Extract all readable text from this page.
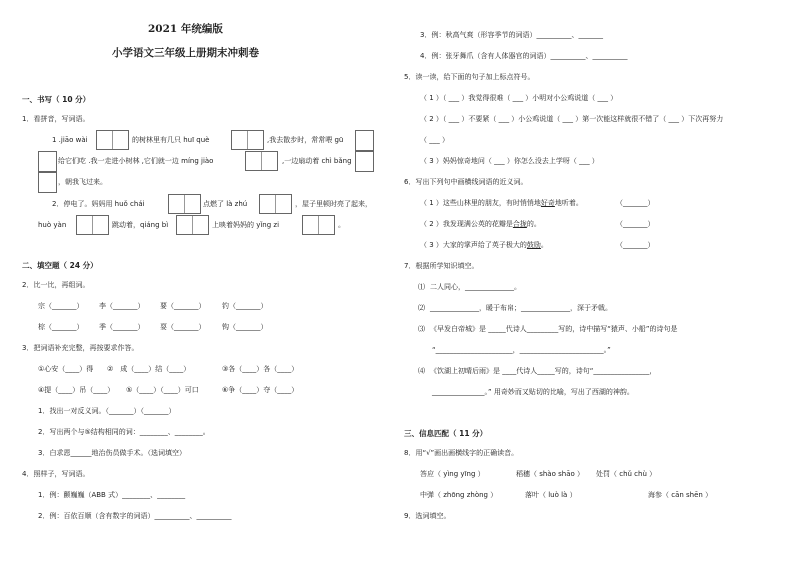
2021 年统编版
小学语文三年级上册期末冲刺卷
一、书写（ 10 分）
1．看拼音，写词语。
1 .jiāo wài	的树林里有几只 huī què	,我去散步时，常常喂 gū
给它们吃 .我一走进小树林 ,它们就一边 míng jiào	,一边扇动着 chì bǎng
，朝我飞过来。
2．停电了。妈妈用 huǒ chái	点燃了 là zhú	，屋子里顿时亮了起来，
huò yàn	跳动着，qiáng bì	上映着妈妈的 yǐng zi	。
二、填空题（ 24 分）
2．比一比，再组词。
宗（_______） 李（_______） 要（_______） 钓（_______）
棕（_______） 季（_______） 耍（_______） 钩（_______）
3．把词语补充完整，再按要求作答。
①心安（____）得 ②　成（____）结（____）	③各（____）各（____）
④提（____）吊（____） ⑤（____）（____）可口	⑥争（____）夺（____）
1．找出一对反义词。（_______）（_______）
2．写出两个与⑤结构相同的词：________、________。
3．白求恩______地治伤员做手术。（选词填空）
4．照样子，写词语。
1．例：颤巍巍（ABB 式）________、________
2．例：百依百顺（含有数字的词语）__________、__________
3．例：秋高气爽（形容季节的词语）__________、_______
4．例：张牙舞爪（含有人体器官的词语）__________、__________
5．读一读，给下面的句子加上标点符号。
（ 1 ）（ ___ ）我觉得很难（ ___ ）小明对小公鸡说道（ ___ ）
（ 2 ）（ ___ ）不要紧（ ___ ）小公鸡说道（ ___ ）第一次能这样就很不错了（ ___ ）下次再努力
（ ___ ）
（ 3 ）妈妈惊奇地问（ ___ ）你怎么没去上学呀（ ___ ）
6．写出下列句中画横线词语的近义词。
（ 1 ）这些山林里的朋友，有时悄悄地好奇地听着。	（_______）
（ 2 ）我发现满公英的花瓣是合拢的。	（_______）
（ 3 ）大家的掌声给了英子极大的鼓励。	（_______）
7．根据所学知识填空。
⑴ 二人同心，______________。
⑵ ______________，暖于布帛；______________，深于矛戟。
⑶ 《早发白帝城》是 _____代诗人_________写的，诗中描写“猿声、小船”的诗句是
“______________________，________________________。”
⑷ 《饮湖上初晴后雨》是 ____代诗人_____写的，诗句“________________，
_______________。” 用奇妙而又贴切的比喻，写出了西湖的神韵。
三、信息匹配（ 11 分）
8．用“√”画出画横线字的正确读音。
答应（ yìng yīng ）	稻穗（ shào shāo ） 处罚（ chǔ chù ）
中弹（ zhōng zhòng ）	落叶（ luò là ）	海参（ cān shēn ）
9．选词填空。
